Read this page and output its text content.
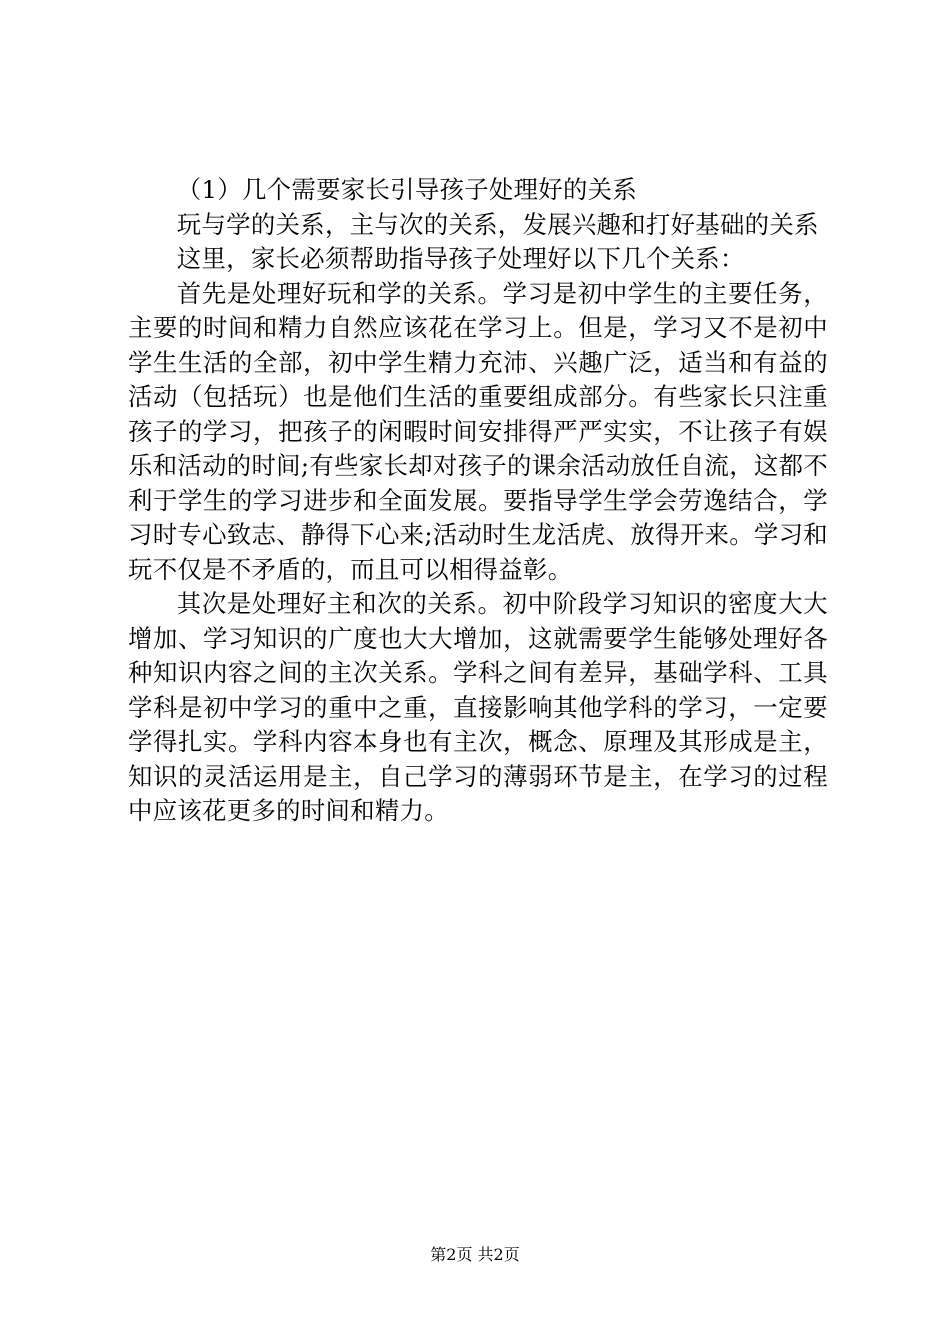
（1）几个需要家长引导孩子处理好的关系

玩与学的关系，主与次的关系，发展兴趣和打好基础的关系

这里，家长必须帮助指导孩子处理好以下几个关系：

首先是处理好玩和学的关系。学习是初中学生的主要任务，主要的时间和精力自然应该花在学习上。但是，学习又不是初中学生生活的全部，初中学生精力充沛、兴趣广泛，适当和有益的活动（包括玩）也是他们生活的重要组成部分。有些家长只注重孩子的学习，把孩子的闲暇时间安排得严严实实，不让孩子有娱乐和活动的时间;有些家长却对孩子的课余活动放任自流，这都不利于学生的学习进步和全面发展。要指导学生学会劳逸结合，学习时专心致志、静得下心来;活动时生龙活虎、放得开来。学习和玩不仅是不矛盾的，而且可以相得益彰。

其次是处理好主和次的关系。初中阶段学习知识的密度大大增加、学习知识的广度也大大增加，这就需要学生能够处理好各种知识内容之间的主次关系。学科之间有差异，基础学科、工具学科是初中学习的重中之重，直接影响其他学科的学习，一定要学得扎实。学科内容本身也有主次，概念、原理及其形成是主，知识的灵活运用是主，自己学习的薄弱环节是主，在学习的过程中应该花更多的时间和精力。

第2页 共2页
